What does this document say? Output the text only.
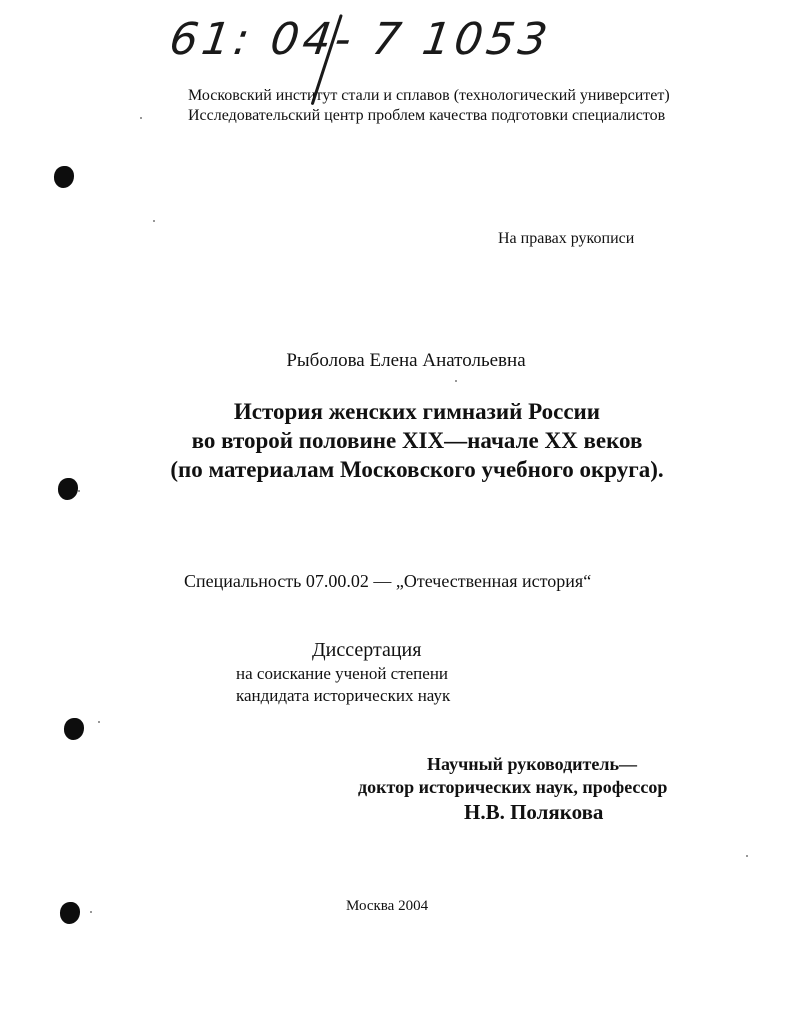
61: 04- 7 1053

Московский институт стали и сплавов (технологический университет)

Исследовательский центр проблем качества подготовки специалистов

На правах рукописи

Рыболова Елена Анатольевна

История женских гимназий России
во второй половине XIX—начале XX веков
(по материалам Московского учебного округа).

Специальность 07.00.02 — „Отечественная история“

Диссертация

на соискание ученой степени

кандидата исторических наук

Научный руководитель—

доктор исторических наук, профессор

Н.В. Полякова

Москва 2004
